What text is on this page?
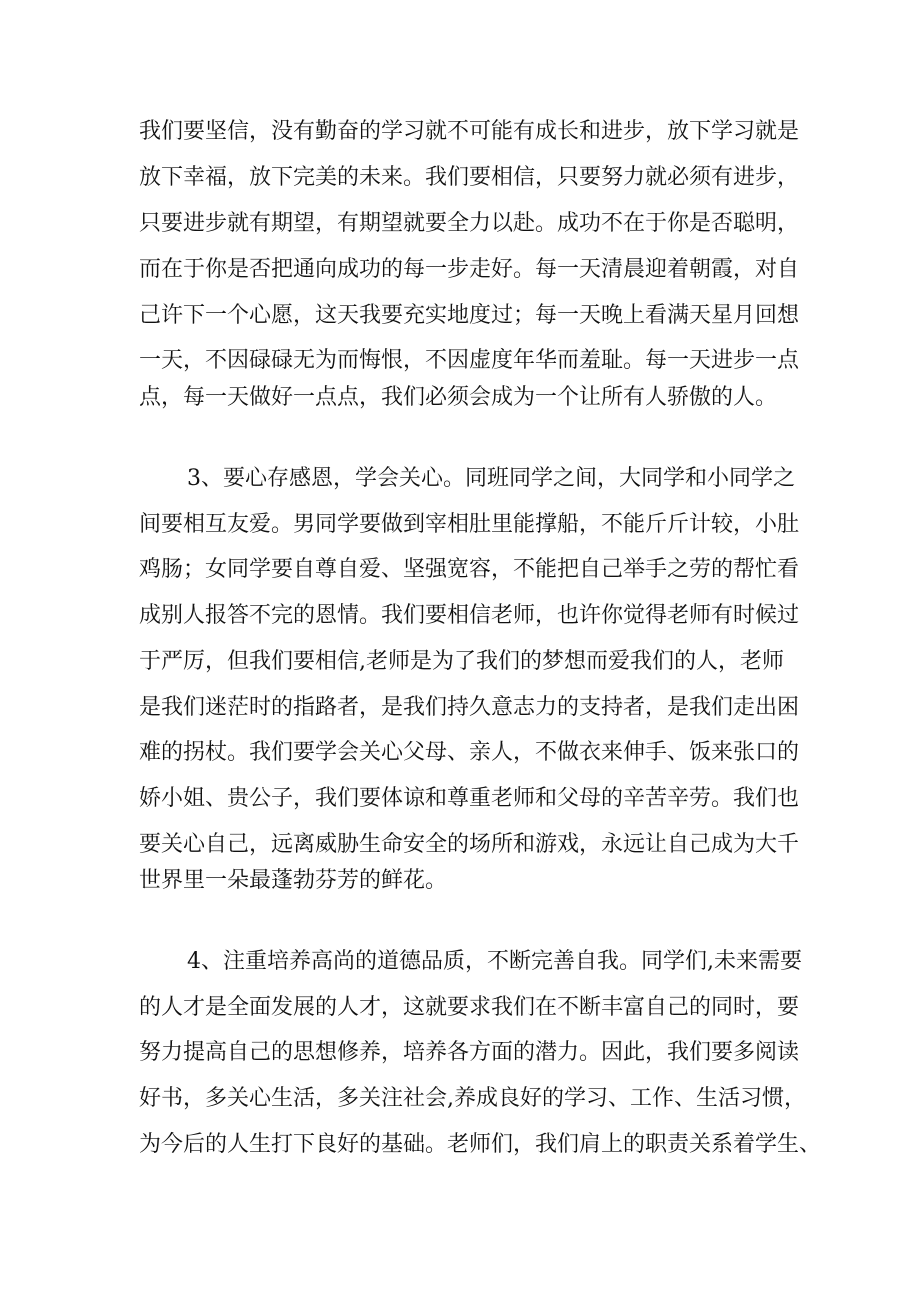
我们要坚信，没有勤奋的学习就不可能有成长和进步，放下学习就是
放下幸福，放下完美的未来。我们要相信，只要努力就必须有进步，
只要进步就有期望，有期望就要全力以赴。成功不在于你是否聪明，
而在于你是否把通向成功的每一步走好。每一天清晨迎着朝霞，对自
己许下一个心愿，这天我要充实地度过；每一天晚上看满天星月回想
一天，不因碌碌无为而悔恨，不因虚度年华而羞耻。每一天进步一点
点，每一天做好一点点，我们必须会成为一个让所有人骄傲的人。
3、要心存感恩，学会关心。同班同学之间，大同学和小同学之
间要相互友爱。男同学要做到宰相肚里能撑船，不能斤斤计较，小肚
鸡肠；女同学要自尊自爱、坚强宽容，不能把自己举手之劳的帮忙看
成别人报答不完的恩情。我们要相信老师，也许你觉得老师有时候过
于严厉，但我们要相信,老师是为了我们的梦想而爱我们的人，老师
是我们迷茫时的指路者，是我们持久意志力的支持者，是我们走出困
难的拐杖。我们要学会关心父母、亲人，不做衣来伸手、饭来张口的
娇小姐、贵公子，我们要体谅和尊重老师和父母的辛苦辛劳。我们也
要关心自己，远离威胁生命安全的场所和游戏，永远让自己成为大千
世界里一朵最蓬勃芬芳的鲜花。
4、注重培养高尚的道德品质，不断完善自我。同学们,未来需要
的人才是全面发展的人才，这就要求我们在不断丰富自己的同时，要
努力提高自己的思想修养，培养各方面的潜力。因此，我们要多阅读
好书，多关心生活，多关注社会,养成良好的学习、工作、生活习惯，
为今后的人生打下良好的基础。老师们，我们肩上的职责关系着学生、
